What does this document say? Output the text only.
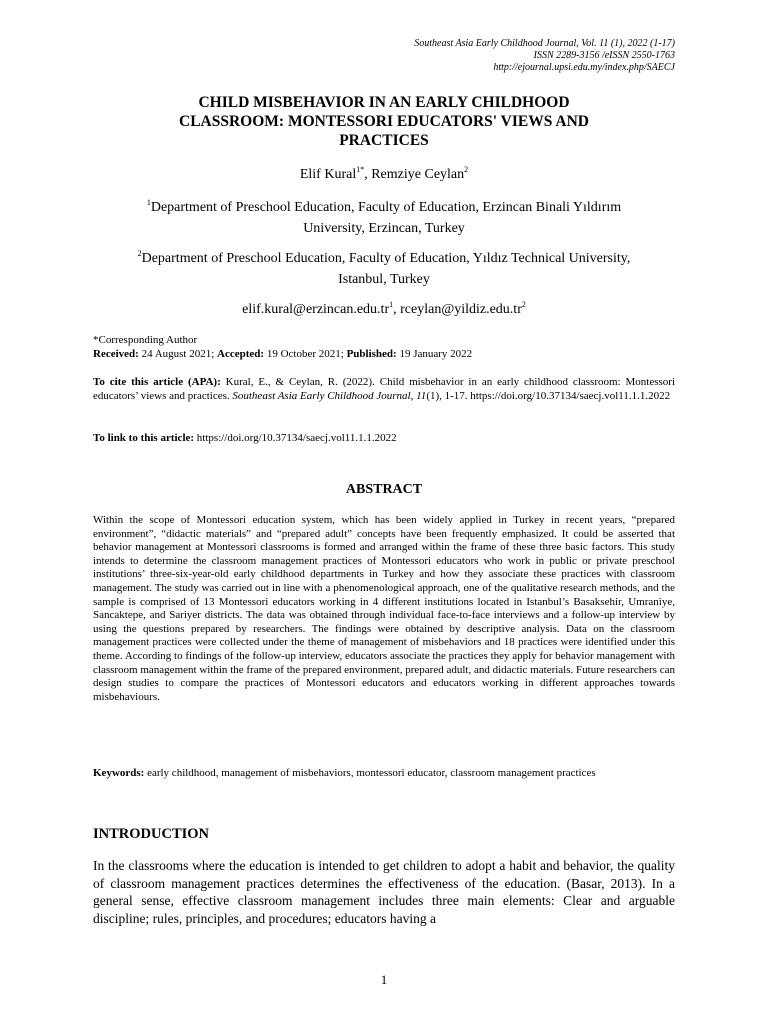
Southeast Asia Early Childhood Journal, Vol. 11 (1), 2022 (1-17)
ISSN 2289-3156 /eISSN 2550-1763
http://ejournal.upsi.edu.my/index.php/SAECJ
CHILD MISBEHAVIOR IN AN EARLY CHILDHOOD
CLASSROOM: MONTESSORI EDUCATORS' VIEWS AND
PRACTICES
Elif Kural$^{1*}$, Remziye Ceylan$^2$
$^1$Department of Preschool Education, Faculty of Education, Erzincan Binali Yıldırım
University, Erzincan, Turkey
$^2$Department of Preschool Education, Faculty of Education, Yıldız Technical University,
Istanbul, Turkey
$elif.kural@erzincan.edu.tr^1$, $rceylan@yildiz.edu.tr^2$
*Corresponding Author
Received: 24 August 2021; Accepted: 19 October 2021; Published: 19 January 2022
To cite this article (APA): Kural, E., & Ceylan, R. (2022). Child misbehavior in an early childhood classroom: Montessori educators’ views and practices. Southeast Asia Early Childhood Journal, 11(1), 1-17. https://doi.org/10.37134/saecj.vol11.1.1.2022
To link to this article: https://doi.org/10.37134/saecj.vol11.1.1.2022
ABSTRACT
Within the scope of Montessori education system, which has been widely applied in Turkey in recent years, “prepared environment”, “didactic materials” and “prepared adult” concepts have been frequently emphasized. It could be asserted that behavior management at Montessori classrooms is formed and arranged within the frame of these three basic factors. This study intends to determine the classroom management practices of Montessori educators who work in public or private preschool institutions’ three-six-year-old early childhood departments in Turkey and how they associate these practices with classroom management. The study was carried out in line with a phenomenological approach, one of the qualitative research methods, and the sample is comprised of 13 Montessori educators working in 4 different institutions located in Istanbul’s Basaksehir, Umraniye, Sancaktepe, and Sariyer districts. The data was obtained through individual face-to-face interviews and a follow-up interview by using the questions prepared by researchers. The findings were obtained by descriptive analysis. Data on the classroom management practices were collected under the theme of management of misbehaviors and 18 practices were identified under this theme. According to findings of the follow-up interview, educators associate the practices they apply for behavior management with classroom management within the frame of the prepared environment, prepared adult, and didactic materials. Future researchers can design studies to compare the practices of Montessori educators and educators working in different approaches towards misbehaviours.
Keywords: early childhood, management of misbehaviors, montessori educator, classroom management practices
INTRODUCTION
In the classrooms where the education is intended to get children to adopt a habit and behavior, the quality of classroom management practices determines the effectiveness of the education. (Basar, 2013). In a general sense, effective classroom management includes three main elements: Clear and arguable discipline; rules, principles, and procedures; educators having a
1
